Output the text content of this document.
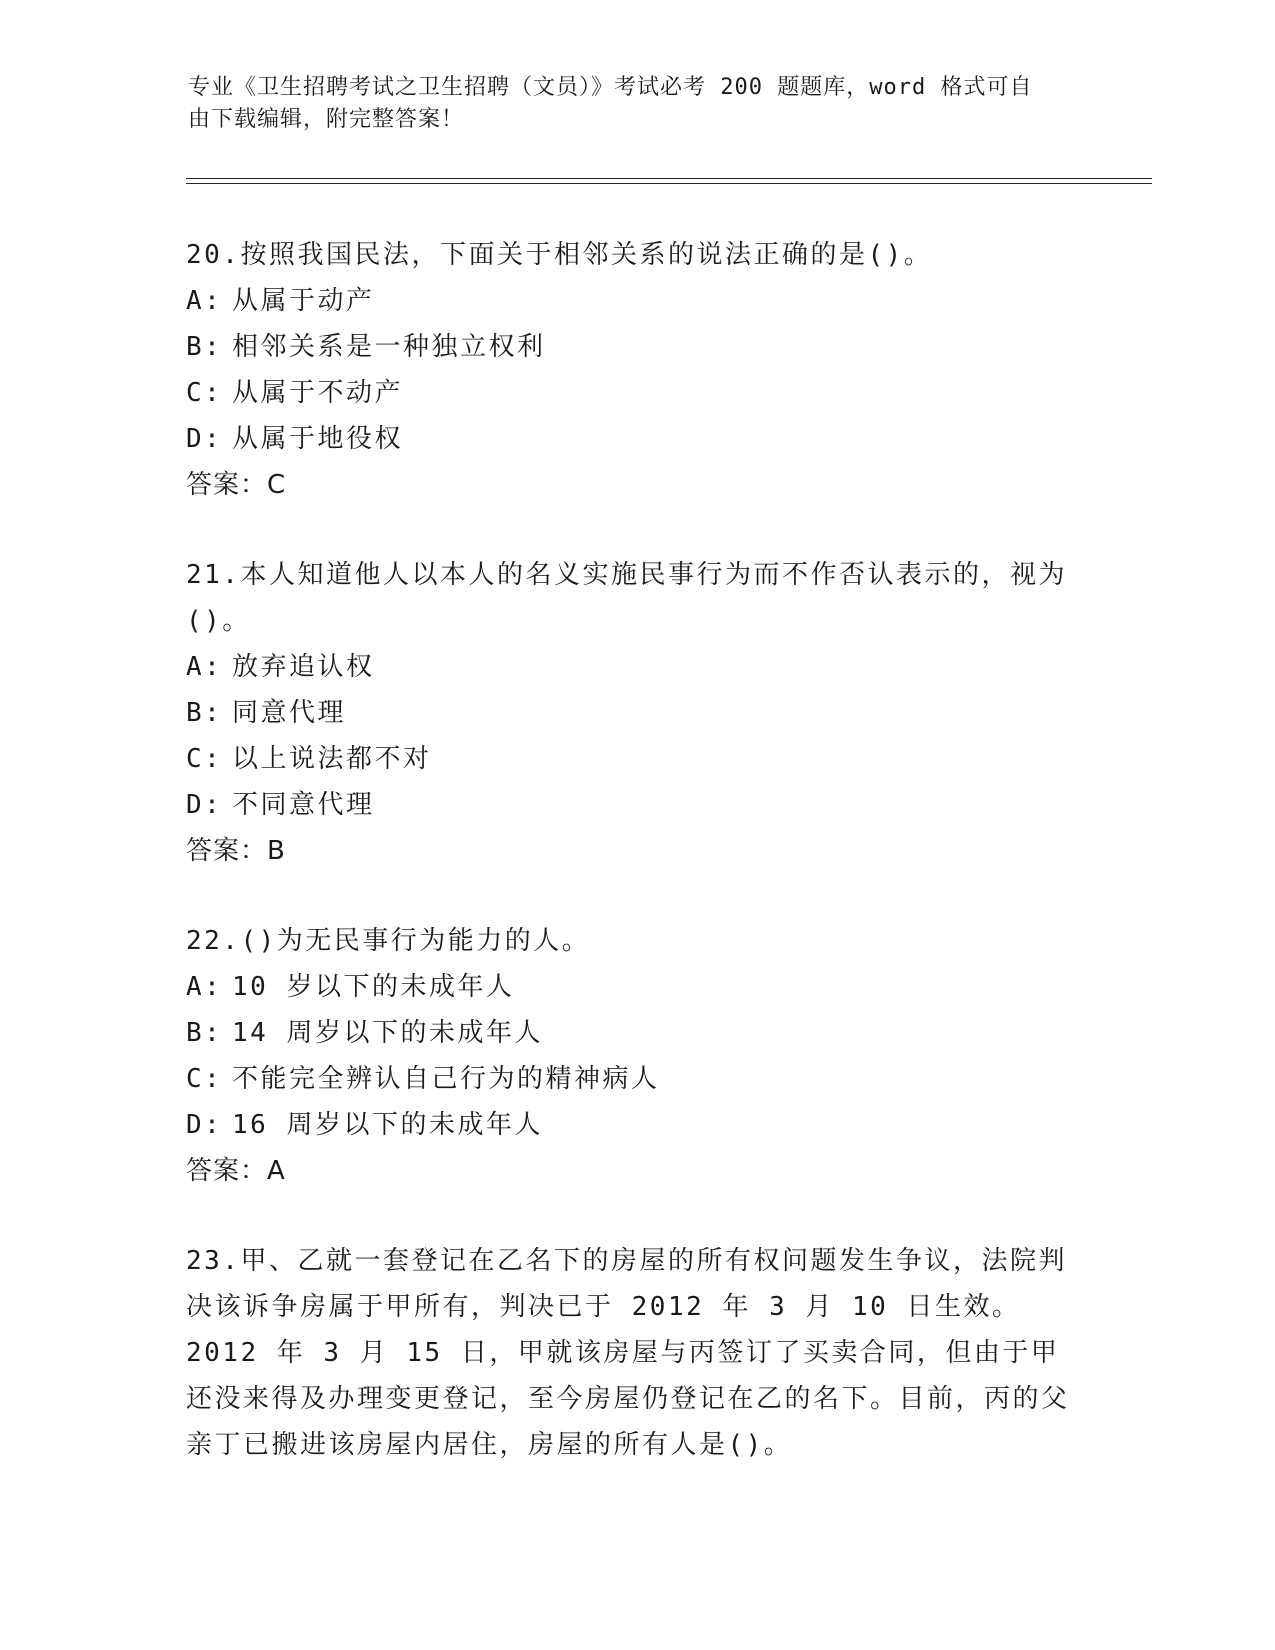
专业《卫生招聘考试之卫生招聘（文员）》考试必考 200 题题库，word 格式可自
由下载编辑，附完整答案！

20.按照我国民法，下面关于相邻关系的说法正确的是()。

A: 从属于动产

B: 相邻关系是一种独立权利

C: 从属于不动产

D: 从属于地役权

答案：C

21.本人知道他人以本人的名义实施民事行为而不作否认表示的，视为()。

A: 放弃追认权

B: 同意代理

C: 以上说法都不对

D: 不同意代理

答案：B

22.()为无民事行为能力的人。

A: 10 岁以下的未成年人

B: 14 周岁以下的未成年人

C: 不能完全辨认自己行为的精神病人

D: 16 周岁以下的未成年人

答案：A

23.甲、乙就一套登记在乙名下的房屋的所有权问题发生争议，法院判决该诉争房属于甲所有，判决已于 2012 年 3 月 10 日生效。2012 年 3 月 15 日，甲就该房屋与丙签订了买卖合同，但由于甲还没来得及办理变更登记，至今房屋仍登记在乙的名下。目前，丙的父亲丁已搬进该房屋内居住，房屋的所有人是()。
